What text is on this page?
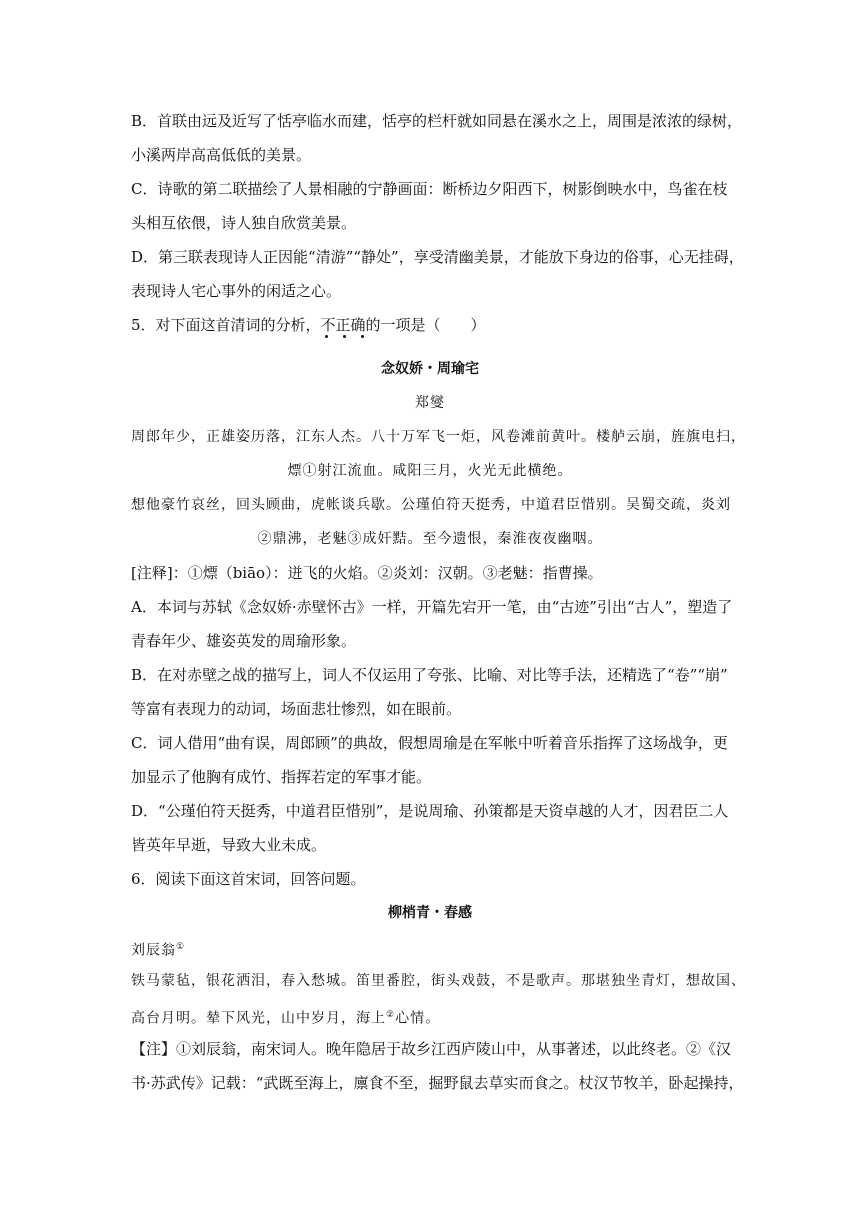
B．首联由远及近写了恬亭临水而建，恬亭的栏杆就如同悬在溪水之上，周围是浓浓的绿树，
小溪两岸高高低低的美景。
C．诗歌的第二联描绘了人景相融的宁静画面：断桥边夕阳西下，树影倒映水中，鸟雀在枝
头相互依偎，诗人独自欣赏美景。
D．第三联表现诗人正因能“清游”“静处”，享受清幽美景，才能放下身边的俗事，心无挂碍，
表现诗人宅心事外的闲适之心。
5．对下面这首清词的分析，不正确的一项是（　　）
念奴娇・周瑜宅
郑燮
周郎年少，正雄姿历落，江东人杰。八十万军飞一炬，风卷滩前黄叶。楼舻云崩，旌旗电扫，
熛①射江流血。咸阳三月，火光无此横绝。
想他豪竹哀丝，回头顾曲，虎帐谈兵歇。公瑾伯符天挺秀，中道君臣惜别。吴蜀交疏，炎刘
②鼎沸，老魅③成奸黠。至今遗恨，秦淮夜夜幽咽。
[注释]：①熛（biāo）：迸飞的火焰。②炎刘：汉朝。③老魅：指曹操。
A．本词与苏轼《念奴娇·赤壁怀古》一样，开篇先宕开一笔，由“古迹”引出“古人”，塑造了
青春年少、雄姿英发的周瑜形象。
B．在对赤壁之战的描写上，词人不仅运用了夸张、比喻、对比等手法，还精选了“卷”“崩”
等富有表现力的动词，场面悲壮惨烈，如在眼前。
C．词人借用“曲有误，周郎顾”的典故，假想周瑜是在军帐中听着音乐指挥了这场战争，更
加显示了他胸有成竹、指挥若定的军事才能。
D．“公瑾伯符天挺秀，中道君臣惜别”，是说周瑜、孙策都是天资卓越的人才，因君臣二人
皆英年早逝，导致大业未成。
6．阅读下面这首宋词，回答问题。
柳梢青・春感
刘辰翁①
铁马蒙毡，银花洒泪，春入愁城。笛里番腔，街头戏鼓，不是歌声。那堪独坐青灯，想故国、
高台月明。辇下风光，山中岁月，海上②心情。
【注】①刘辰翁，南宋词人。晚年隐居于故乡江西庐陵山中，从事著述，以此终老。②《汉
书·苏武传》记载：“武既至海上，廪食不至，掘野鼠去草实而食之。杖汉节牧羊，卧起操持，
